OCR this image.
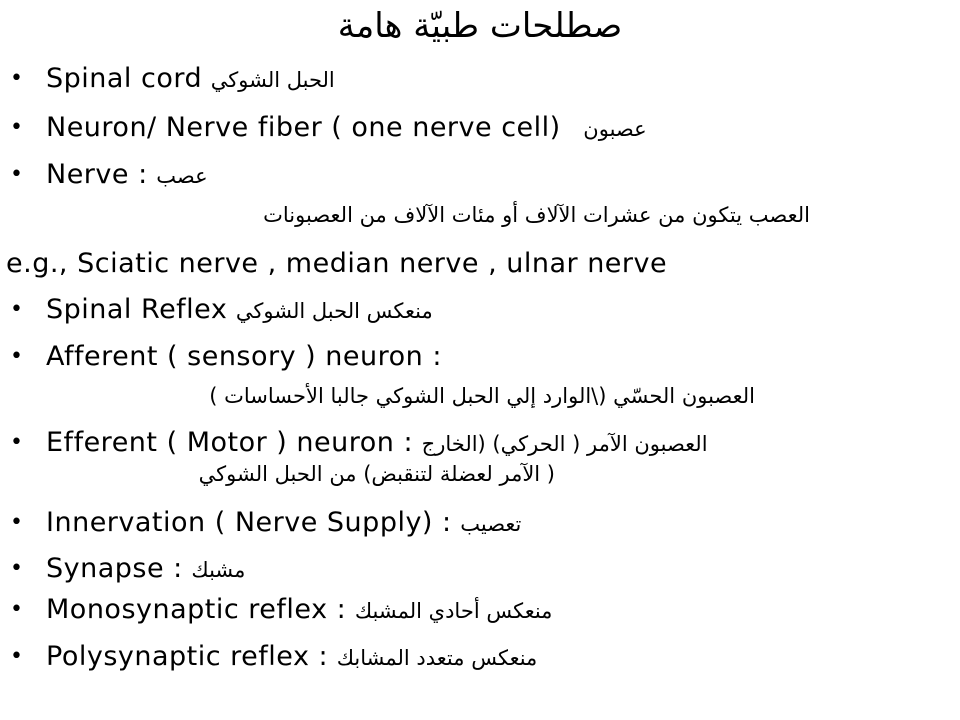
صطلحات طبيّة هامة
• Spinal cord الحبل الشوكي
• Neuron/ Nerve fiber ( one nerve cell) عصبون
• Nerve : عصب
العصب يتكون من عشرات الآلاف أو مئات الآلاف من العصبونات
e.g., Sciatic nerve , median nerve , ulnar nerve
• Spinal Reflex منعكس الحبل الشوكي
• Afferent ( sensory ) neuron :
العصبون الحسّي (\الوارد إلي الحبل الشوكي جالبا الأحساسات )
• Efferent ( Motor ) neuron : العصبون الآمر ( الحركي) (الخارج
( الآمر لعضلة لتنقبض) من الحبل الشوكي
• Innervation ( Nerve Supply) : تعصيب
• Synapse : مشبك
• Monosynaptic reflex : منعكس أحادي المشبك
• Polysynaptic reflex : منعكس متعدد المشابك
